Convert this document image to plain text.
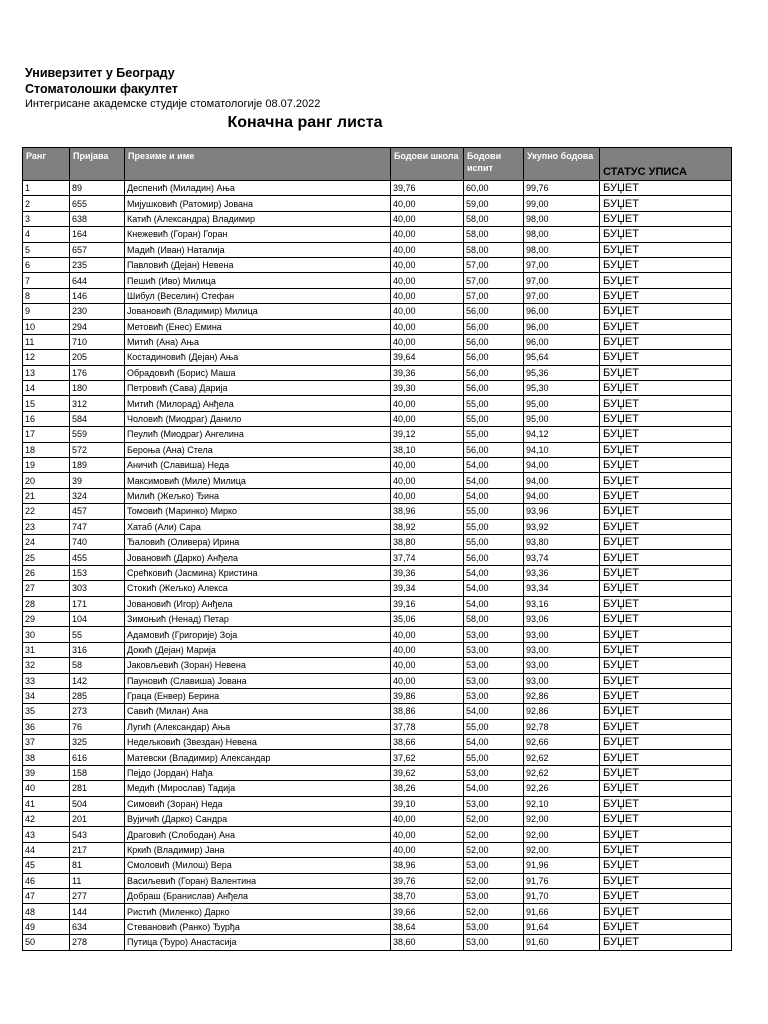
Универзитет у Београду
Стоматолошки факултет
Интегрисане академске студије стоматологије 08.07.2022
Коначна ранг листа
Ранг	Пријава	Презиме и име	Бодови школа	Бодови испит	Укупно бодова	СТАТУС УПИСА
1	89	Деспенић (Миладин) Ања	39,76	60,00	99,76	БУЏЕТ
2	655	Мијушковић (Ратомир) Јована	40,00	59,00	99,00	БУЏЕТ
3	638	Катић (Александра) Владимир	40,00	58,00	98,00	БУЏЕТ
4	164	Кнежевић (Горан) Горан	40,00	58,00	98,00	БУЏЕТ
5	657	Мадић (Иван) Наталија	40,00	58,00	98,00	БУЏЕТ
6	235	Павловић (Дејан) Невена	40,00	57,00	97,00	БУЏЕТ
7	644	Пешић (Иво) Милица	40,00	57,00	97,00	БУЏЕТ
8	146	Шибул (Веселин) Стефан	40,00	57,00	97,00	БУЏЕТ
9	230	Јовановић (Владимир) Милица	40,00	56,00	96,00	БУЏЕТ
10	294	Метовић (Енес) Емина	40,00	56,00	96,00	БУЏЕТ
11	710	Митић (Ана) Ања	40,00	56,00	96,00	БУЏЕТ
12	205	Костадиновић (Дејан) Ања	39,64	56,00	95,64	БУЏЕТ
13	176	Обрадовић (Борис) Маша	39,36	56,00	95,36	БУЏЕТ
14	180	Петровић (Сава) Дарија	39,30	56,00	95,30	БУЏЕТ
15	312	Митић (Милорад) Анђела	40,00	55,00	95,00	БУЏЕТ
16	584	Чоловић (Миодраг) Данило	40,00	55,00	95,00	БУЏЕТ
17	559	Пеулић (Миодраг) Ангелина	39,12	55,00	94,12	БУЏЕТ
18	572	Берoња (Ана) Стела	38,10	56,00	94,10	БУЏЕТ
19	189	Аничић (Славиша) Неда	40,00	54,00	94,00	БУЏЕТ
20	39	Максимовић (Миле) Милица	40,00	54,00	94,00	БУЏЕТ
21	324	Милић (Жељко) Ђина	40,00	54,00	94,00	БУЏЕТ
22	457	Томовић (Маринко) Мирко	38,96	55,00	93,96	БУЏЕТ
23	747	Хатаб (Али) Сара	38,92	55,00	93,92	БУЏЕТ
24	740	Ђаловић (Оливера) Ирина	38,80	55,00	93,80	БУЏЕТ
25	455	Јовановић (Дарко) Анђела	37,74	56,00	93,74	БУЏЕТ
26	153	Срећковић (Јасмина) Кристина	39,36	54,00	93,36	БУЏЕТ
27	303	Стокић (Жељко) Алекса	39,34	54,00	93,34	БУЏЕТ
28	171	Јовановић (Игор) Анђела	39,16	54,00	93,16	БУЏЕТ
29	104	Зимоњић (Ненад) Петар	35,06	58,00	93,06	БУЏЕТ
30	55	Адамовић (Григорије) Зоја	40,00	53,00	93,00	БУЏЕТ
31	316	Докић (Дејан) Марија	40,00	53,00	93,00	БУЏЕТ
32	58	Јаковљевић (Зоран) Невена	40,00	53,00	93,00	БУЏЕТ
33	142	Пауновић (Славиша) Јована	40,00	53,00	93,00	БУЏЕТ
34	285	Граца (Енвер) Берина	39,86	53,00	92,86	БУЏЕТ
35	273	Савић (Милан) Ана	38,86	54,00	92,86	БУЏЕТ
36	76	Лугић (Александар) Ања	37,78	55,00	92,78	БУЏЕТ
37	325	Недељковић (Звездан) Невена	38,66	54,00	92,66	БУЏЕТ
38	616	Матевски (Владимир) Александар	37,62	55,00	92,62	БУЏЕТ
39	158	Пејдо (Јордан) Нађа	39,62	53,00	92,62	БУЏЕТ
40	281	Медић (Мирослав) Тадија	38,26	54,00	92,26	БУЏЕТ
41	504	Симовић (Зоран) Неда	39,10	53,00	92,10	БУЏЕТ
42	201	Вујичић (Дарко) Сандра	40,00	52,00	92,00	БУЏЕТ
43	543	Драговић (Слободан) Ана	40,00	52,00	92,00	БУЏЕТ
44	217	Кркић (Владимир) Јана	40,00	52,00	92,00	БУЏЕТ
45	81	Смоловић (Милош) Вера	38,96	53,00	91,96	БУЏЕТ
46	11	Васиљевић (Горан) Валентина	39,76	52,00	91,76	БУЏЕТ
47	277	Добраш (Бранислав) Анђела	38,70	53,00	91,70	БУЏЕТ
48	144	Ристић (Миленко) Дарко	39,66	52,00	91,66	БУЏЕТ
49	634	Стевановић (Ранко) Ђурђа	38,64	53,00	91,64	БУЏЕТ
50	278	Путица (Ђуро) Анастасија	38,60	53,00	91,60	БУЏЕТ
